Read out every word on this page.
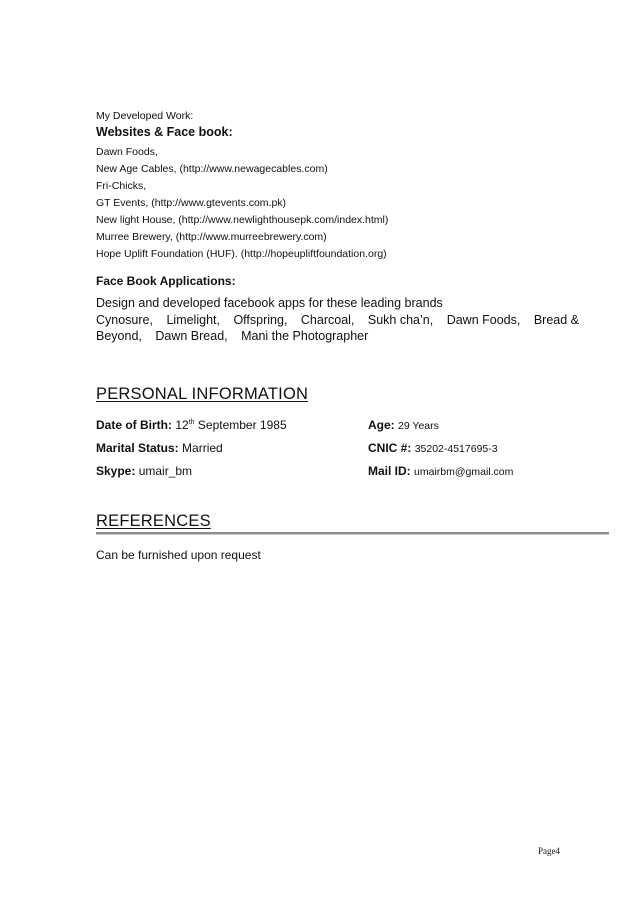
My Developed Work:
Websites & Face book:
Dawn Foods,
New Age Cables, (http://www.newagecables.com)
Fri-Chicks,
GT Events, (http://www.gtevents.com.pk)
New light House, (http://www.newlighthousepk.com/index.html)
Murree Brewery, (http://www.murreebrewery.com)
Hope Uplift Foundation (HUF). (http://hopeupliftfoundation.org)
Face Book Applications:
Design and developed facebook apps for these leading brands
Cynosure, Limelight, Offspring, Charcoal, Sukh cha’n, Dawn Foods, Bread &
Beyond, Dawn Bread, Mani the Photographer
PERSONAL INFORMATION
Date of Birth: 12th September 1985	Age: 29 Years
Marital Status: Married	CNIC #: 35202-4517695-3
Skype: umair_bm	Mail ID: umairbm@gmail.com
REFERENCES
Can be furnished upon request
Page4
